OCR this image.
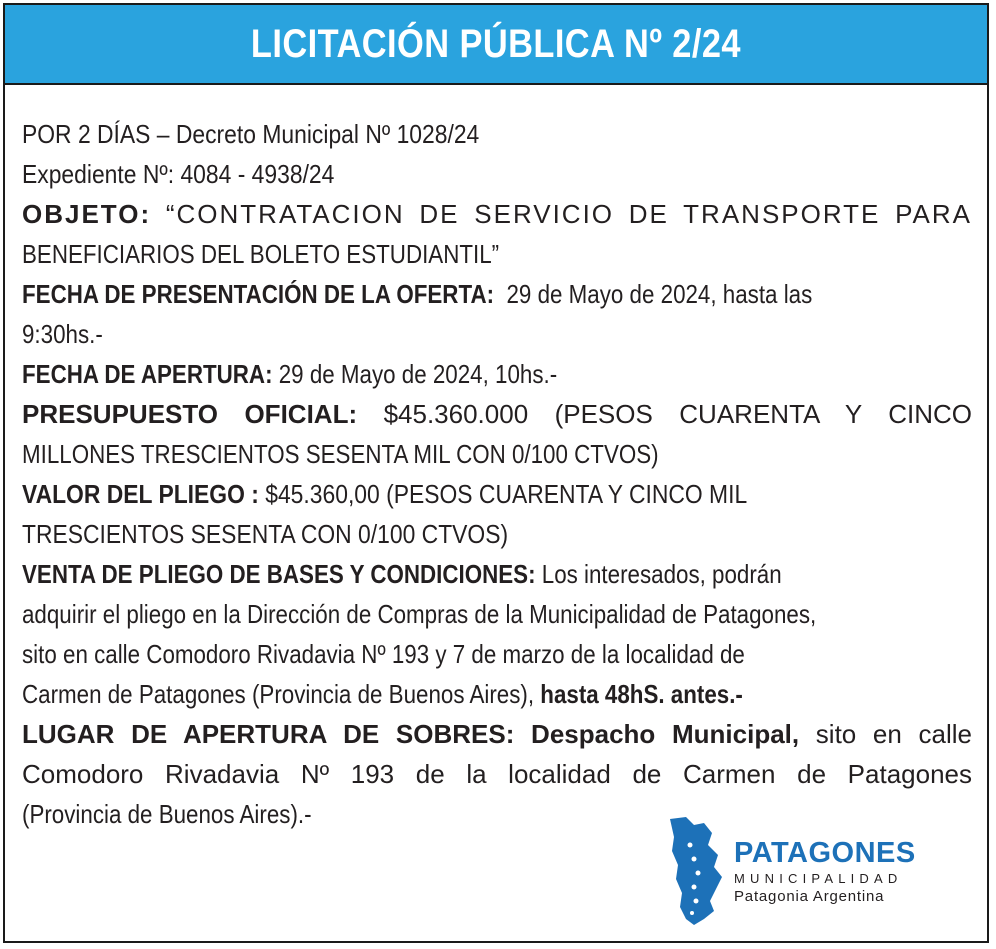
LICITACIÓN PÚBLICA Nº 2/24
POR 2 DÍAS – Decreto Municipal Nº 1028/24
Expediente Nº: 4084 - 4938/24
OBJETO: “CONTRATACION DE SERVICIO DE TRANSPORTE PARA
BENEFICIARIOS DEL BOLETO ESTUDIANTIL”
FECHA DE PRESENTACIÓN DE LA OFERTA: 29 de Mayo de 2024, hasta las
9:30hs.-
FECHA DE APERTURA: 29 de Mayo de 2024, 10hs.-
PRESUPUESTO OFICIAL: $45.360.000 (PESOS CUARENTA Y CINCO
MILLONES TRESCIENTOS SESENTA MIL CON 0/100 CTVOS)
VALOR DEL PLIEGO : $45.360,00 (PESOS CUARENTA Y CINCO MIL
TRESCIENTOS SESENTA CON 0/100 CTVOS)
VENTA DE PLIEGO DE BASES Y CONDICIONES: Los interesados, podrán
adquirir el pliego en la Dirección de Compras de la Municipalidad de Patagones,
sito en calle Comodoro Rivadavia Nº 193 y 7 de marzo de la localidad de
Carmen de Patagones (Provincia de Buenos Aires), hasta 48hS. antes.-
LUGAR DE APERTURA DE SOBRES: Despacho Municipal, sito en calle
Comodoro Rivadavia Nº 193 de la localidad de Carmen de Patagones
(Provincia de Buenos Aires).-
PATAGONES
MUNICIPALIDAD
Patagonia Argentina
